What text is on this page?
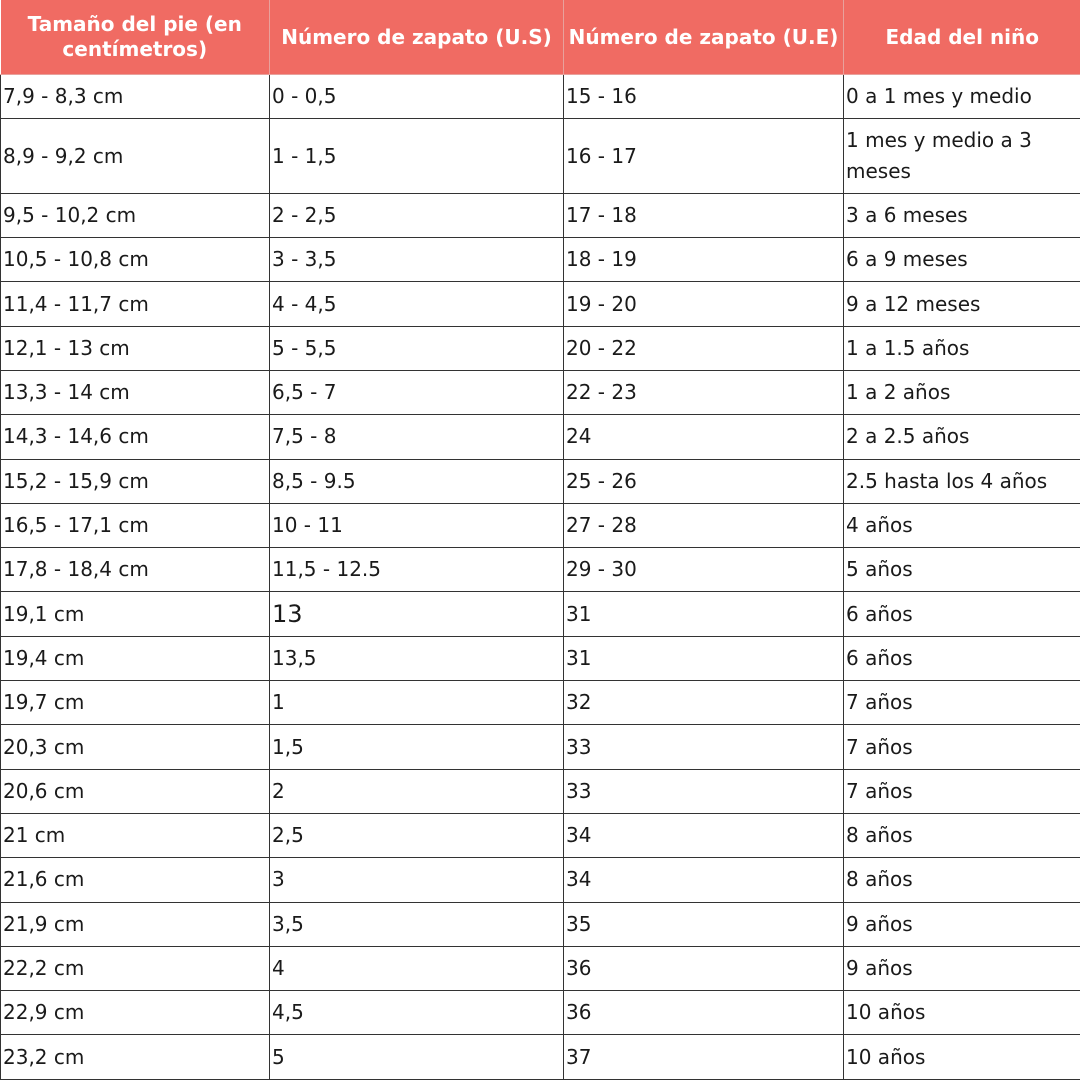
Tamaño del pie (en centímetros)	Número de zapato (U.S)	Número de zapato (U.E)	Edad del niño
7,9 - 8,3 cm	0 - 0,5	15 - 16	0 a 1 mes y medio
8,9 - 9,2 cm	1 - 1,5	16 - 17	1 mes y medio a 3 meses
9,5 - 10,2 cm	2 - 2,5	17 - 18	3 a 6 meses
10,5 - 10,8 cm	3 - 3,5	18 - 19	6 a 9 meses
11,4 - 11,7 cm	4 - 4,5	19 - 20	9 a 12 meses
12,1 - 13 cm	5 - 5,5	20 - 22	1 a 1.5 años
13,3 - 14 cm	6,5 - 7	22 - 23	1 a 2 años
14,3 - 14,6 cm	7,5 - 8	24	2 a 2.5 años
15,2 - 15,9 cm	8,5 - 9.5	25 - 26	2.5 hasta los 4 años
16,5 - 17,1 cm	10 - 11	27 - 28	4 años
17,8 - 18,4 cm	11,5 - 12.5	29 - 30	5 años
19,1 cm	13	31	6 años
19,4 cm	13,5	31	6 años
19,7 cm	1	32	7 años
20,3 cm	1,5	33	7 años
20,6 cm	2	33	7 años
21 cm	2,5	34	8 años
21,6 cm	3	34	8 años
21,9 cm	3,5	35	9 años
22,2 cm	4	36	9 años
22,9 cm	4,5	36	10 años
23,2 cm	5	37	10 años
